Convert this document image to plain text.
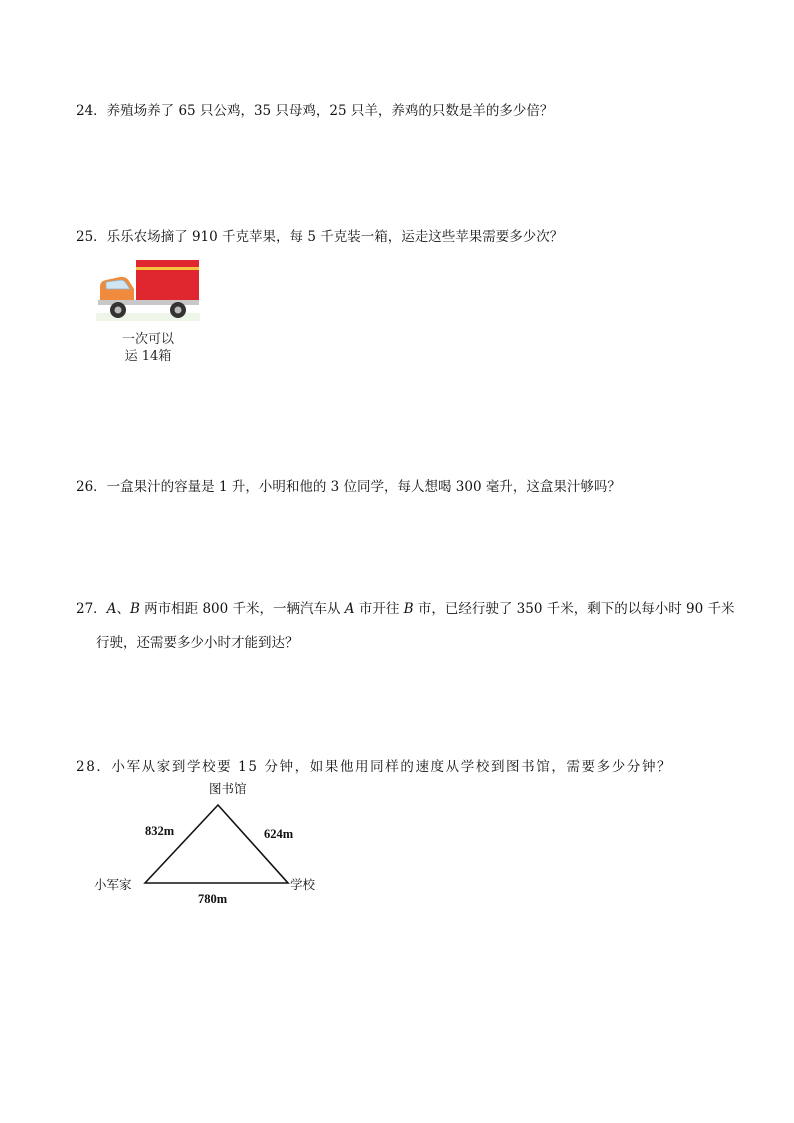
24．养殖场养了 65 只公鸡，35 只母鸡，25 只羊，养鸡的只数是羊的多少倍？
25．乐乐农场摘了 910 千克苹果，每 5 千克装一箱，运走这些苹果需要多少次？
一次可以
运 14箱
26．一盒果汁的容量是 1 升，小明和他的 3 位同学，每人想喝 300 毫升，这盒果汁够吗？
27．A、B 两市相距 800 千米，一辆汽车从 A 市开往 B 市，已经行驶了 350 千米，剩下的以每小时 90 千米
行驶，还需要多少小时才能到达？
28．小军从家到学校要 15 分钟，如果他用同样的速度从学校到图书馆，需要多少分钟？
图书馆
小军家	学校
832m	624m
780m
